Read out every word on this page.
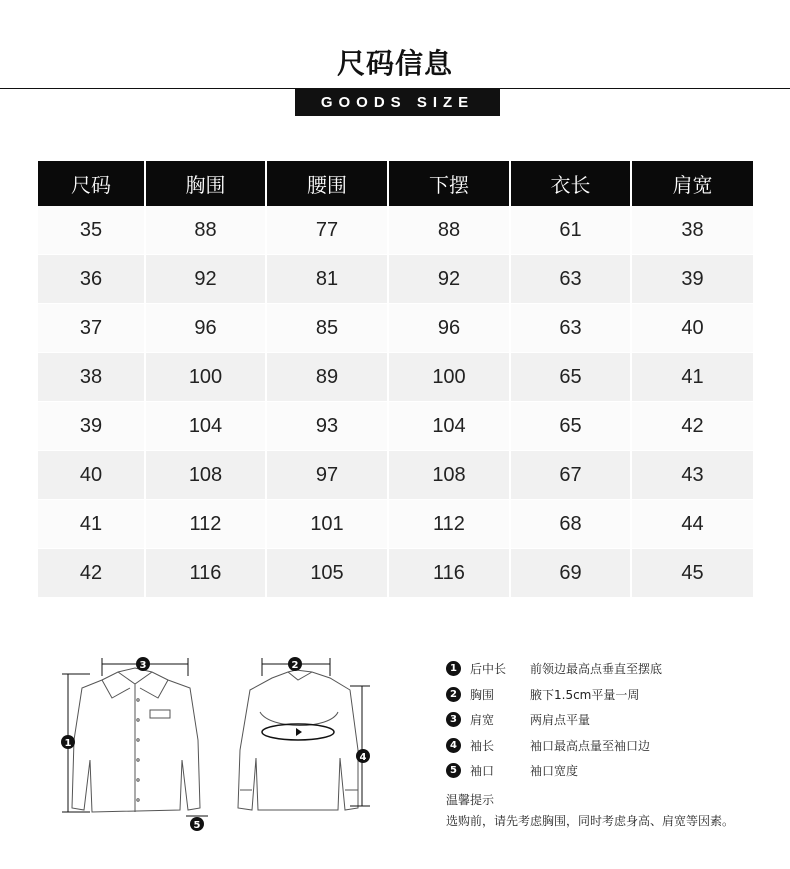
尺码信息
GOODS SIZE
尺码	胸围	腰围	下摆	衣长	肩宽
35	88	77	88	61	38
36	92	81	92	63	39
37	96	85	96	63	40
38	100	89	100	65	41
39	104	93	104	65	42
40	108	97	108	67	43
41	112	101	112	68	44
42	116	105	116	69	45
3
1
5
2
4
1	后中长	前领边最高点垂直至摆底
2	胸围	腋下1.5cm平量一周
3	肩宽	两肩点平量
4	袖长	袖口最高点量至袖口边
5	袖口	袖口宽度
温馨提示
选购前，请先考虑胸围，同时考虑身高、肩宽等因素。
